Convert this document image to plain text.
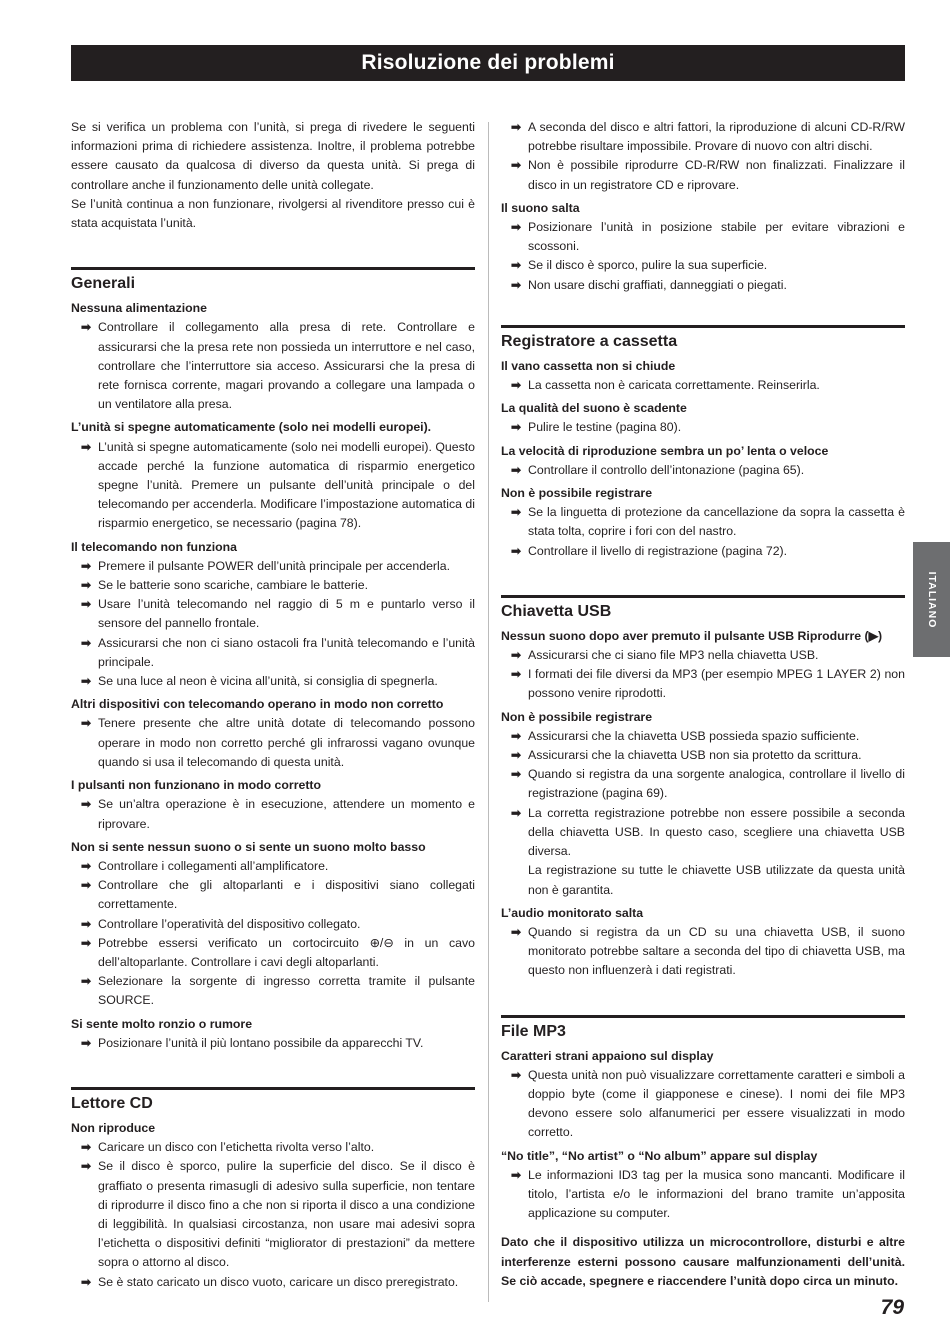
Risoluzione dei problemi

Se si verifica un problema con l’unità, si prega di rivedere le seguenti informazioni prima di richiedere assistenza. Inoltre, il problema potrebbe essere causato da qualcosa di diverso da questa unità. Si prega di controllare anche il funzionamento delle unità collegate.

Se l’unità continua a non funzionare, rivolgersi al rivenditore presso cui è stata acquistata l’unità.

Generali
Nessuna alimentazione
➡ Controllare il collegamento alla presa di rete. Controllare e assicurarsi che la presa rete non possieda un interruttore e nel caso, controllare che l’interruttore sia acceso. Assicurarsi che la presa di rete fornisca corrente, magari provando a collegare una lampada o un ventilatore alla presa.
L’unità si spegne automaticamente (solo nei modelli europei).
➡ L’unità si spegne automaticamente (solo nei modelli europei). Questo accade perché la funzione automatica di risparmio energetico spegne l’unità. Premere un pulsante dell’unità principale o del telecomando per accenderla. Modificare l’impostazione automatica di risparmio energetico, se necessario (pagina 78).
Il telecomando non funziona
➡ Premere il pulsante POWER dell’unità principale per accenderla.
➡ Se le batterie sono scariche, cambiare le batterie.
➡ Usare l’unità telecomando nel raggio di 5 m e puntarlo verso il sensore del pannello frontale.
➡ Assicurarsi che non ci siano ostacoli fra l’unità telecomando e l’unità principale.
➡ Se una luce al neon è vicina all’unità, si consiglia di spegnerla.
Altri dispositivi con telecomando operano in modo non corretto
➡ Tenere presente che altre unità dotate di telecomando possono operare in modo non corretto perché gli infrarossi vagano ovunque quando si usa il telecomando di questa unità.
I pulsanti non funzionano in modo corretto
➡ Se un’altra operazione è in esecuzione, attendere un momento e riprovare.
Non si sente nessun suono o si sente un suono molto basso
➡ Controllare i collegamenti all’amplificatore.
➡ Controllare che gli altoparlanti e i dispositivi siano collegati correttamente.
➡ Controllare l’operatività del dispositivo collegato.
➡ Potrebbe essersi verificato un cortocircuito ⊕/⊖ in un cavo dell’altoparlante. Controllare i cavi degli altoparlanti.
➡ Selezionare la sorgente di ingresso corretta tramite il pulsante SOURCE.
Si sente molto ronzio o rumore
➡ Posizionare l’unità il più lontano possibile da apparecchi TV.
Lettore CD
Non riproduce
➡ Caricare un disco con l’etichetta rivolta verso l’alto.
➡ Se il disco è sporco, pulire la superficie del disco. Se il disco è graffiato o presenta rimasugli di adesivo sulla superficie, non tentare di riprodurre il disco fino a che non si riporta il disco a una condizione di leggibilità. In qualsiasi circostanza, non usare mai adesivi sopra l’etichetta o dispositivi definiti “migliorator di prestazioni” da mettere sopra o attorno al disco.
➡ Se è stato caricato un disco vuoto, caricare un disco preregistrato.
➡ A seconda del disco e altri fattori, la riproduzione di alcuni CD-R/RW potrebbe risultare impossibile. Provare di nuovo con altri dischi.
➡ Non è possibile riprodurre CD-R/RW non finalizzati. Finalizzare il disco in un registratore CD e riprovare.
Il suono salta
➡ Posizionare l’unità in posizione stabile per evitare vibrazioni e scossoni.
➡ Se il disco è sporco, pulire la sua superficie.
➡ Non usare dischi graffiati, danneggiati o piegati.
Registratore a cassetta
Il vano cassetta non si chiude
➡ La cassetta non è caricata correttamente. Reinserirla.
La qualità del suono è scadente
➡ Pulire le testine (pagina 80).
La velocità di riproduzione sembra un po’ lenta o veloce
➡ Controllare il controllo dell’intonazione (pagina 65).
Non è possibile registrare
➡ Se la linguetta di protezione da cancellazione da sopra la cassetta è stata tolta, coprire i fori con del nastro.
➡ Controllare il livello di registrazione (pagina 72).
Chiavetta USB
Nessun suono dopo aver premuto il pulsante USB Riprodurre (▶)
➡ Assicurarsi che ci siano file MP3 nella chiavetta USB.
➡ I formati dei file diversi da MP3 (per esempio MPEG 1 LAYER 2) non possono venire riprodotti.
Non è possibile registrare
➡ Assicurarsi che la chiavetta USB possieda spazio sufficiente.
➡ Assicurarsi che la chiavetta USB non sia protetto da scrittura.
➡ Quando si registra da una sorgente analogica, controllare il livello di registrazione (pagina 69).
➡ La corretta registrazione potrebbe non essere possibile a seconda della chiavetta USB. In questo caso, scegliere una chiavetta USB diversa.
La registrazione su tutte le chiavette USB utilizzate da questa unità non è garantita.
L’audio monitorato salta
➡ Quando si registra da un CD su una chiavetta USB, il suono monitorato potrebbe saltare a seconda del tipo di chiavetta USB, ma questo non influenzerà i dati registrati.
File MP3
Caratteri strani appaiono sul display
➡ Questa unità non può visualizzare correttamente caratteri e simboli a doppio byte (come il giapponese e cinese). I nomi dei file MP3 devono essere solo alfanumerici per essere visualizzati in modo corretto.
“No title”, “No artist” o “No album” appare sul display
➡ Le informazioni ID3 tag per la musica sono mancanti. Modificare il titolo, l’artista e/o le informazioni del brano tramite un’apposita applicazione su computer.
Dato che il dispositivo utilizza un microcontrollore, disturbi e altre interferenze esterni possono causare malfunzionamenti dell’unità. Se ciò accade, spegnere e riaccendere l’unità dopo circa un minuto.
ITALIANO
79
